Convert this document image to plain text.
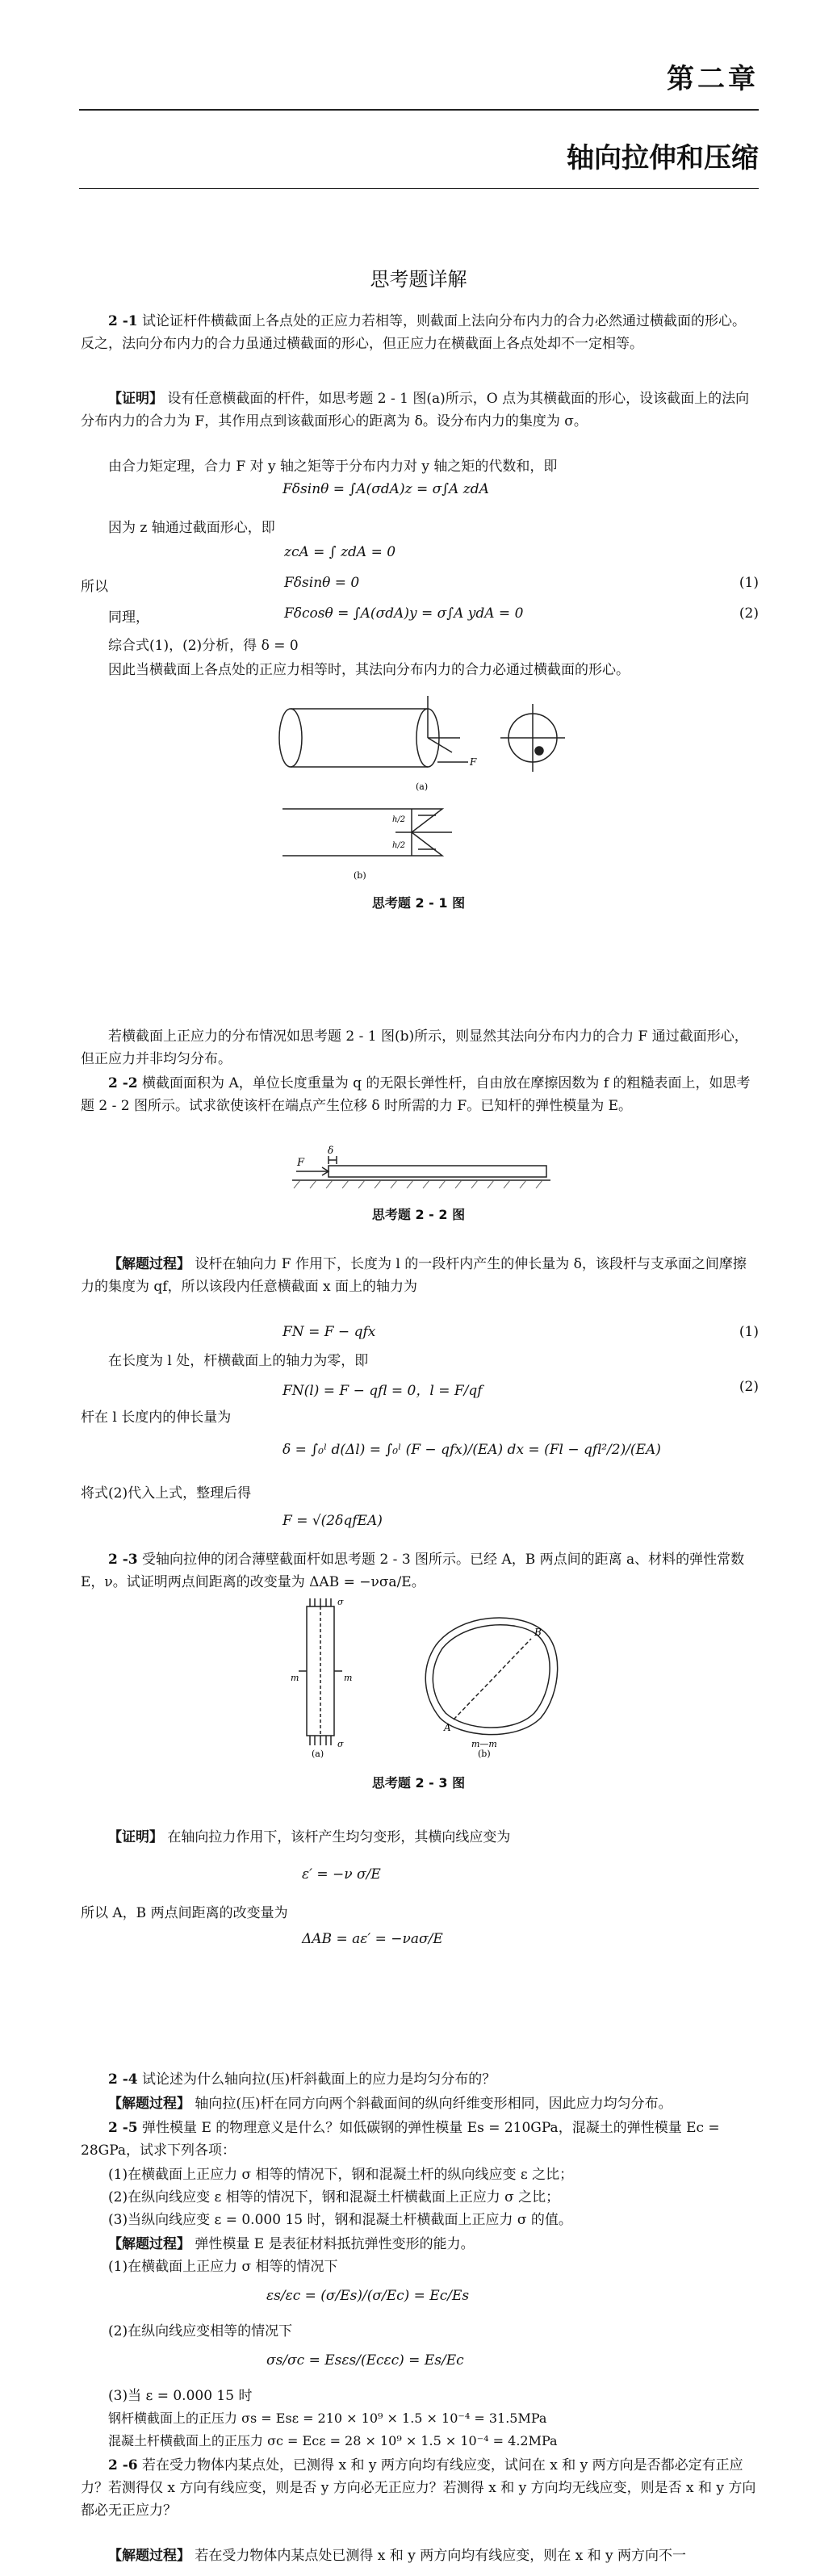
第二章
轴向拉伸和压缩
思考题详解
2 -1 试论证杆件横截面上各点处的正应力若相等，则截面上法向分布内力的合力必然通过横截面的形心。反之，法向分布内力的合力虽通过横截面的形心，但正应力在横截面上各点处却不一定相等。
【证明】 设有任意横截面的杆件，如思考题 2 - 1 图(a)所示，O 点为其横截面的形心，设该截面上的法向分布内力的合力为 F，其作用点到该截面形心的距离为 δ。设分布内力的集度为 σ。
由合力矩定理，合力 F 对 y 轴之矩等于分布内力对 y 轴之矩的代数和，即
Fδsinθ = ∫A(σdA)z = σ∫A zdA
因为 z 轴通过截面形心，即
zcA = ∫ zdA = 0
所以	Fδsinθ = 0	(1)
同理，	Fδcosθ = ∫A(σdA)y = σ∫A ydA = 0	(2)
综合式(1)，(2)分析，得 δ = 0
因此当横截面上各点处的正应力相等时，其法向分布内力的合力必通过横截面的形心。
F
(a)
h/2
h/2
(b)
思考题 2 - 1 图
若横截面上正应力的分布情况如思考题 2 - 1 图(b)所示，则显然其法向分布内力的合力 F 通过截面形心，但正应力并非均匀分布。
2 -2 横截面面积为 A，单位长度重量为 q 的无限长弹性杆，自由放在摩擦因数为 f 的粗糙表面上，如思考题 2 - 2 图所示。试求欲使该杆在端点产生位移 δ 时所需的力 F。已知杆的弹性模量为 E。
F
δ
思考题 2 - 2 图
【解题过程】 设杆在轴向力 F 作用下，长度为 l 的一段杆内产生的伸长量为 δ，该段杆与支承面之间摩擦力的集度为 qf，所以该段内任意横截面 x 面上的轴力为
FN = F − qfx	(1)
在长度为 l 处，杆横截面上的轴力为零，即
FN(l) = F − qfl = 0，l = F/qf	(2)
杆在 l 长度内的伸长量为
δ = ∫₀ˡ d(Δl) = ∫₀ˡ (F − qfx)/(EA) dx = (Fl − qfl²/2)/(EA)
将式(2)代入上式，整理后得
F = √(2δqfEA)
2 -3 受轴向拉伸的闭合薄壁截面杆如思考题 2 - 3 图所示。已经 A，B 两点间的距离 a、材料的弹性常数 E，ν。试证明两点间距离的改变量为 ΔAB = −νσa/E。
σ
σ
m	m
B
A
m—m
(a)	(b)
思考题 2 - 3 图
【证明】 在轴向拉力作用下，该杆产生均匀变形，其横向线应变为
ε′ = −ν σ/E
所以 A，B 两点间距离的改变量为
ΔAB = aε′ = −νaσ/E
2 -4 试论述为什么轴向拉(压)杆斜截面上的应力是均匀分布的？
【解题过程】 轴向拉(压)杆在同方向两个斜截面间的纵向纤维变形相同，因此应力均匀分布。
2 -5 弹性模量 E 的物理意义是什么？如低碳钢的弹性模量 Es = 210GPa，混凝土的弹性模量 Ec = 28GPa，试求下列各项：
(1)在横截面上正应力 σ 相等的情况下，钢和混凝土杆的纵向线应变 ε 之比；
(2)在纵向线应变 ε 相等的情况下，钢和混凝土杆横截面上正应力 σ 之比；
(3)当纵向线应变 ε = 0.000 15 时，钢和混凝土杆横截面上正应力 σ 的值。
【解题过程】 弹性模量 E 是表征材料抵抗弹性变形的能力。
(1)在横截面上正应力 σ 相等的情况下
εs/εc = (σ/Es)/(σ/Ec) = Ec/Es
(2)在纵向线应变相等的情况下
σs/σc = Esεs/(Ecεc) = Es/Ec
(3)当 ε = 0.000 15 时
钢杆横截面上的正压力 σs = Esε = 210 × 10⁹ × 1.5 × 10⁻⁴ = 31.5MPa
混凝土杆横截面上的正压力 σc = Ecε = 28 × 10⁹ × 1.5 × 10⁻⁴ = 4.2MPa
2 -6 若在受力物体内某点处，已测得 x 和 y 两方向均有线应变，试问在 x 和 y 两方向是否都必定有正应力？若测得仅 x 方向有线应变，则是否 y 方向必无正应力？若测得 x 和 y 方向均无线应变，则是否 x 和 y 方向都必无正应力？
【解题过程】 若在受力物体内某点处已测得 x 和 y 两方向均有线应变，则在 x 和 y 两方向不一
